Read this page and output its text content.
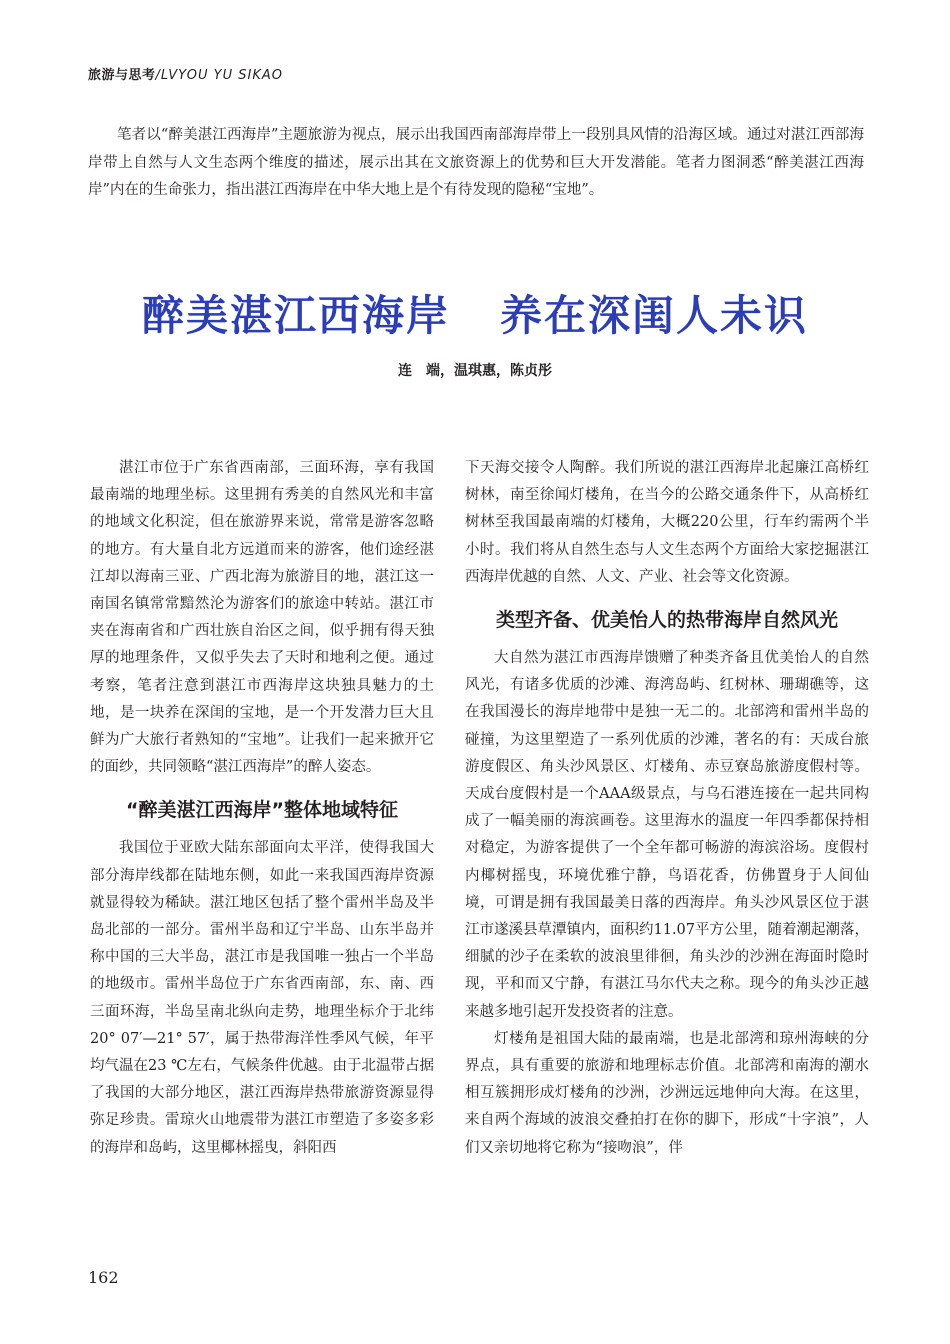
旅游与思考/LVYOU YU SIKAO
笔者以“醉美湛江西海岸”主题旅游为视点，展示出我国西南部海岸带上一段别具风情的沿海区域。通过对湛江西部海岸带上自然与人文生态两个维度的描述，展示出其在文旅资源上的优势和巨大开发潜能。笔者力图洞悉“醉美湛江西海岸”内在的生命张力，指出湛江西海岸在中华大地上是个有待发现的隐秘“宝地”。
醉美湛江西海岸 养在深闺人未识
连　端，温琪惠，陈贞彤

湛江市位于广东省西南部，三面环海，享有我国最南端的地理坐标。这里拥有秀美的自然风光和丰富的地域文化积淀，但在旅游界来说，常常是游客忽略的地方。有大量自北方远道而来的游客，他们途经湛江却以海南三亚、广西北海为旅游目的地，湛江这一南国名镇常常黯然沦为游客们的旅途中转站。湛江市夹在海南省和广西壮族自治区之间，似乎拥有得天独厚的地理条件，又似乎失去了天时和地利之便。通过考察，笔者注意到湛江市西海岸这块独具魅力的土地，是一块养在深闺的宝地，是一个开发潜力巨大且鲜为广大旅行者熟知的“宝地”。让我们一起来掀开它的面纱，共同领略“湛江西海岸”的醉人姿态。

“醉美湛江西海岸”整体地域特征

我国位于亚欧大陆东部面向太平洋，使得我国大部分海岸线都在陆地东侧，如此一来我国西海岸资源就显得较为稀缺。湛江地区包括了整个雷州半岛及半岛北部的一部分。雷州半岛和辽宁半岛、山东半岛并称中国的三大半岛，湛江市是我国唯一独占一个半岛的地级市。雷州半岛位于广东省西南部，东、南、西三面环海，半岛呈南北纵向走势，地理坐标介于北纬20° 07′—21° 57′，属于热带海洋性季风气候，年平均气温在23 ℃左右，气候条件优越。由于北温带占据了我国的大部分地区，湛江西海岸热带旅游资源显得弥足珍贵。雷琼火山地震带为湛江市塑造了多姿多彩的海岸和岛屿，这里椰林摇曳，斜阳西

下天海交接令人陶醉。我们所说的湛江西海岸北起廉江高桥红树林，南至徐闻灯楼角，在当今的公路交通条件下，从高桥红树林至我国最南端的灯楼角，大概220公里，行车约需两个半小时。我们将从自然生态与人文生态两个方面给大家挖掘湛江西海岸优越的自然、人文、产业、社会等文化资源。

类型齐备、优美怡人的热带海岸自然风光

大自然为湛江市西海岸馈赠了种类齐备且优美怡人的自然风光，有诸多优质的沙滩、海湾岛屿、红树林、珊瑚礁等，这在我国漫长的海岸地带中是独一无二的。北部湾和雷州半岛的碰撞，为这里塑造了一系列优质的沙滩，著名的有：天成台旅游度假区、角头沙风景区、灯楼角、赤豆寮岛旅游度假村等。天成台度假村是一个AAA级景点，与乌石港连接在一起共同构成了一幅美丽的海滨画卷。这里海水的温度一年四季都保持相对稳定，为游客提供了一个全年都可畅游的海滨浴场。度假村内椰树摇曳，环境优雅宁静，鸟语花香，仿佛置身于人间仙境，可谓是拥有我国最美日落的西海岸。角头沙风景区位于湛江市遂溪县草潭镇内，面积约11.07平方公里，随着潮起潮落，细腻的沙子在柔软的波浪里徘徊，角头沙的沙洲在海面时隐时现，平和而又宁静，有湛江马尔代夫之称。现今的角头沙正越来越多地引起开发投资者的注意。

灯楼角是祖国大陆的最南端，也是北部湾和琼州海峡的分界点，具有重要的旅游和地理标志价值。北部湾和南海的潮水相互簇拥形成灯楼角的沙洲，沙洲远远地伸向大海。在这里，来自两个海域的波浪交叠拍打在你的脚下，形成“十字浪”，人们又亲切地将它称为“接吻浪”，伴

162
